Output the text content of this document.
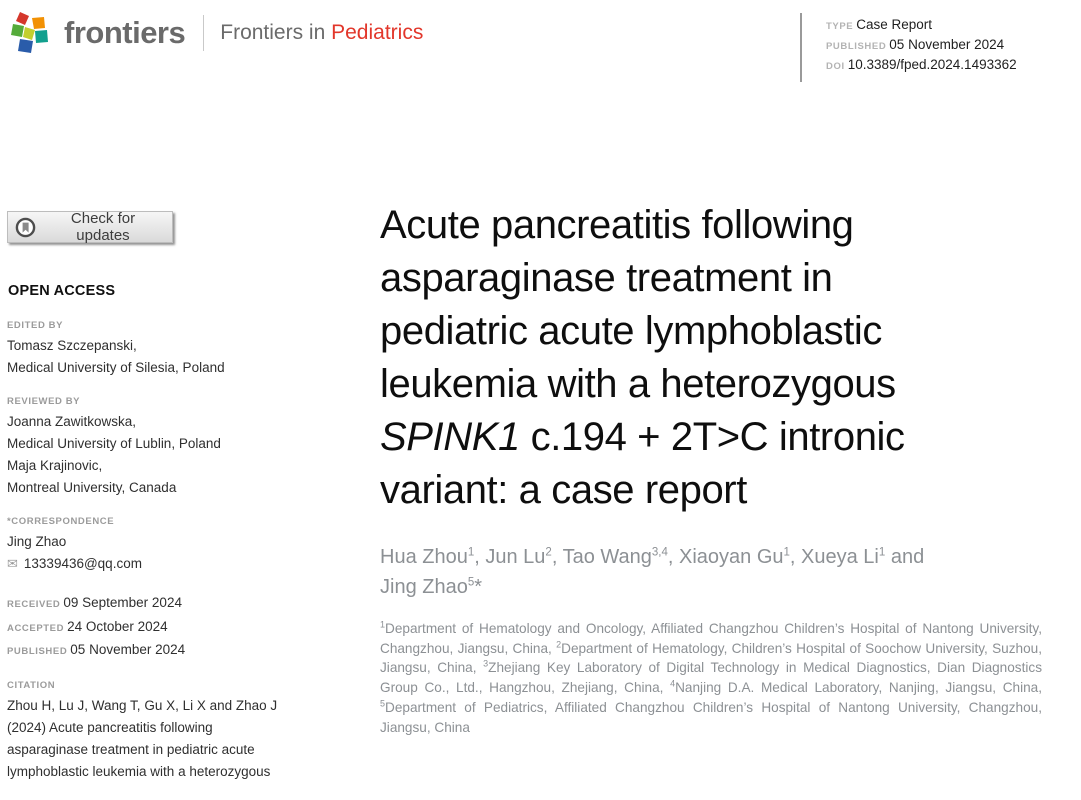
frontiers Frontiers in Pediatrics	TYPE Case Report
PUBLISHED 05 November 2024
DOI 10.3389/fped.2024.1493362
Check for updates
OPEN ACCESS
EDITED BY
Tomasz Szczepanski,
Medical University of Silesia, Poland
REVIEWED BY
Joanna Zawitkowska,
Medical University of Lublin, Poland
Maja Krajinovic,
Montreal University, Canada
*CORRESPONDENCE
Jing Zhao
✉ 13339436@qq.com
RECEIVED 09 September 2024
ACCEPTED 24 October 2024
PUBLISHED 05 November 2024
CITATION
Zhou H, Lu J, Wang T, Gu X, Li X and Zhao J
(2024) Acute pancreatitis following
asparaginase treatment in pediatric acute
lymphoblastic leukemia with a heterozygous
Acute pancreatitis following
asparaginase treatment in
pediatric acute lymphoblastic
leukemia with a heterozygous
SPINK1 c.194 + 2T>C intronic
variant: a case report
Hua Zhou$^1$, Jun Lu$^2$, Tao Wang$^{3,4}$, Xiaoyan Gu$^1$, Xueya Li$^1$ and
Jing Zhao$^5$*
$^1$Department of Hematology and Oncology, Affiliated Changzhou Children’s Hospital of Nantong University, Changzhou, Jiangsu, China, $^2$Department of Hematology, Children’s Hospital of Soochow University, Suzhou, Jiangsu, China, $^3$Zhejiang Key Laboratory of Digital Technology in Medical Diagnostics, Dian Diagnostics Group Co., Ltd., Hangzhou, Zhejiang, China, $^4$Nanjing D.A. Medical Laboratory, Nanjing, Jiangsu, China, $^5$Department of Pediatrics, Affiliated Changzhou Children’s Hospital of Nantong University, Changzhou, Jiangsu, China
